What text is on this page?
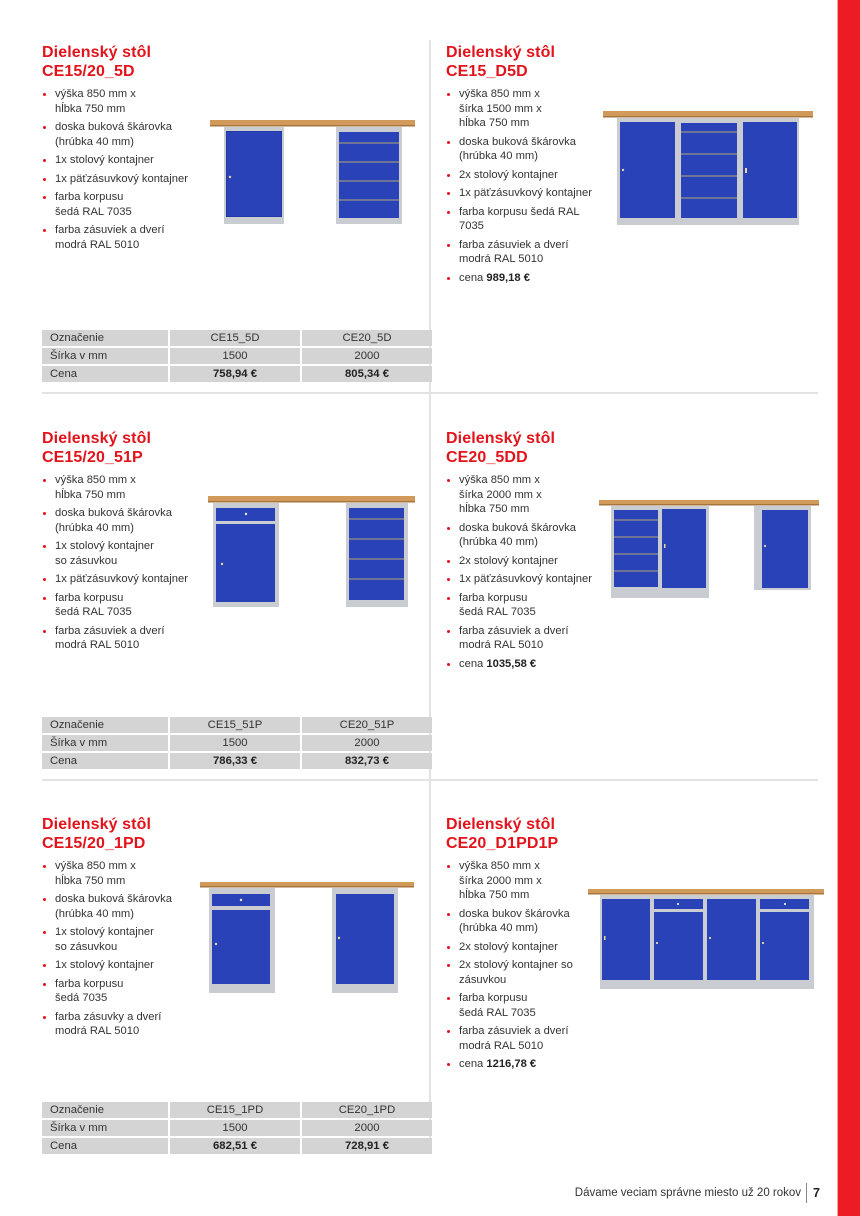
Dielenský stôl
CE15/20_5D
výška 850 mm x
hĺbka 750 mm
doska buková škárovka
(hrúbka 40 mm)
1x stolový kontajner
1x päťzásuvkový kontajner
farba korpusu
šedá RAL 7035
farba zásuviek a dverí
modrá RAL 5010
Dielenský stôl
CE15_D5D
výška 850 mm x
šírka 1500 mm x
hĺbka 750 mm
doska buková škárovka
(hrúbka 40 mm)
2x stolový kontajner
1x päťzásuvkový kontajner
farba korpusu šedá RAL
7035
farba zásuviek a dverí
modrá RAL 5010
cena 989,18 €
Označenie	CE15_5D	CE20_5D
Šírka v mm	1500	2000
Cena	758,94 €	805,34 €
Dielenský stôl
CE15/20_51P
výška 850 mm x
hĺbka 750 mm
doska buková škárovka
(hrúbka 40 mm)
1x stolový kontajner
so zásuvkou
1x päťzásuvkový kontajner
farba korpusu
šedá RAL 7035
farba zásuviek a dverí
modrá RAL 5010
Dielenský stôl
CE20_5DD
výška 850 mm x
šírka 2000 mm x
hĺbka 750 mm
doska buková škárovka
(hrúbka 40 mm)
2x stolový kontajner
1x päťzásuvkový kontajner
farba korpusu
šedá RAL 7035
farba zásuviek a dverí
modrá RAL 5010
cena 1035,58 €
Označenie	CE15_51P	CE20_51P
Šírka v mm	1500	2000
Cena	786,33 €	832,73 €
Dielenský stôl
CE15/20_1PD
výška 850 mm x
hĺbka 750 mm
doska buková škárovka
(hrúbka 40 mm)
1x stolový kontajner
so zásuvkou
1x stolový kontajner
farba korpusu
šedá 7035
farba zásuvky a dverí
modrá RAL 5010
Dielenský stôl
CE20_D1PD1P
výška 850 mm x
šírka 2000 mm x
hĺbka 750 mm
doska bukov škárovka
(hrúbka 40 mm)
2x stolový kontajner
2x stolový kontajner so
zásuvkou
farba korpusu
šedá RAL 7035
farba zásuviek a dverí
modrá RAL 5010
cena 1216,78 €
Označenie	CE15_1PD	CE20_1PD
Šírka v mm	1500	2000
Cena	682,51 €	728,91 €
Dávame veciam správne miesto už 20 rokov 7
